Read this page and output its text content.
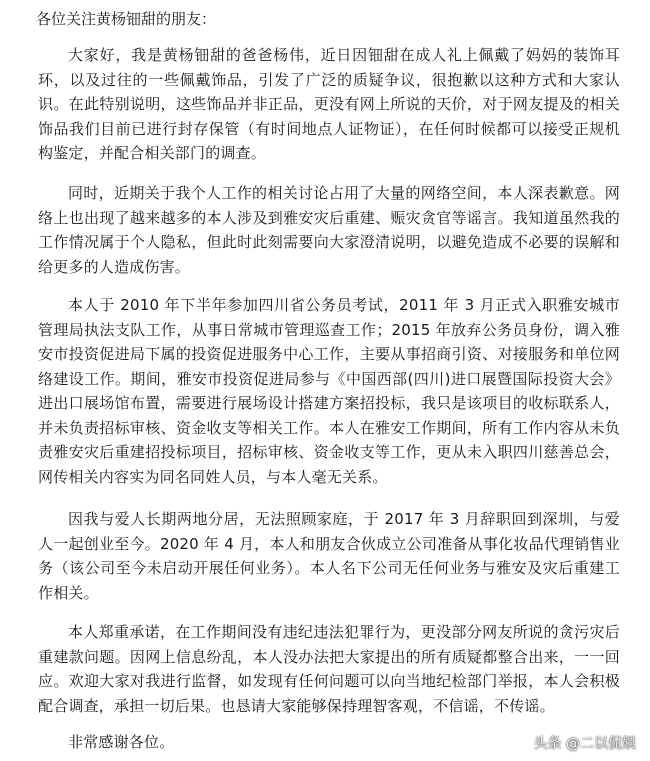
各位关注黄杨钿甜的朋友：

大家好，我是黄杨钿甜的爸爸杨伟，近日因钿甜在成人礼上佩戴了妈妈的装饰耳环，以及过往的一些佩戴饰品，引发了广泛的质疑争议，很抱歉以这种方式和大家认识。在此特别说明，这些饰品并非正品，更没有网上所说的天价，对于网友提及的相关饰品我们目前已进行封存保管（有时间地点人证物证），在任何时候都可以接受正规机构鉴定，并配合相关部门的调查。

同时，近期关于我个人工作的相关讨论占用了大量的网络空间，本人深表歉意。网络上也出现了越来越多的本人涉及到雅安灾后重建、赈灾贪官等谣言。我知道虽然我的工作情况属于个人隐私，但此时此刻需要向大家澄清说明，以避免造成不必要的误解和给更多的人造成伤害。

本人于 2010 年下半年参加四川省公务员考试，2011 年 3 月正式入职雅安城市管理局执法支队工作，从事日常城市管理巡查工作；2015 年放弃公务员身份，调入雅安市投资促进局下属的投资促进服务中心工作，主要从事招商引资、对接服务和单位网络建设工作。期间，雅安市投资促进局参与《中国西部(四川)进口展暨国际投资大会》进出口展场馆布置，需要进行展场设计搭建方案招投标，我只是该项目的收标联系人，并未负责招标审核、资金收支等相关工作。本人在雅安工作期间，所有工作内容从未负责雅安灾后重建招投标项目，招标审核、资金收支等工作，更从未入职四川慈善总会，网传相关内容实为同名同姓人员，与本人毫无关系。

因我与爱人长期两地分居，无法照顾家庭，于 2017 年 3 月辞职回到深圳，与爱人一起创业至今。2020 年 4 月，本人和朋友合伙成立公司准备从事化妆品代理销售业务（该公司至今未启动开展任何业务）。本人名下公司无任何业务与雅安及灾后重建工作相关。

本人郑重承诺，在工作期间没有违纪违法犯罪行为，更没部分网友所说的贪污灾后重建款问题。因网上信息纷乱，本人没办法把大家提出的所有质疑都整合出来，一一回应。欢迎大家对我进行监督，如发现有任何问题可以向当地纪检部门举报，本人会积极配合调查，承担一切后果。也恳请大家能够保持理智客观，不信谣，不传谣。

非常感谢各位。	头条 @二以侃娱
